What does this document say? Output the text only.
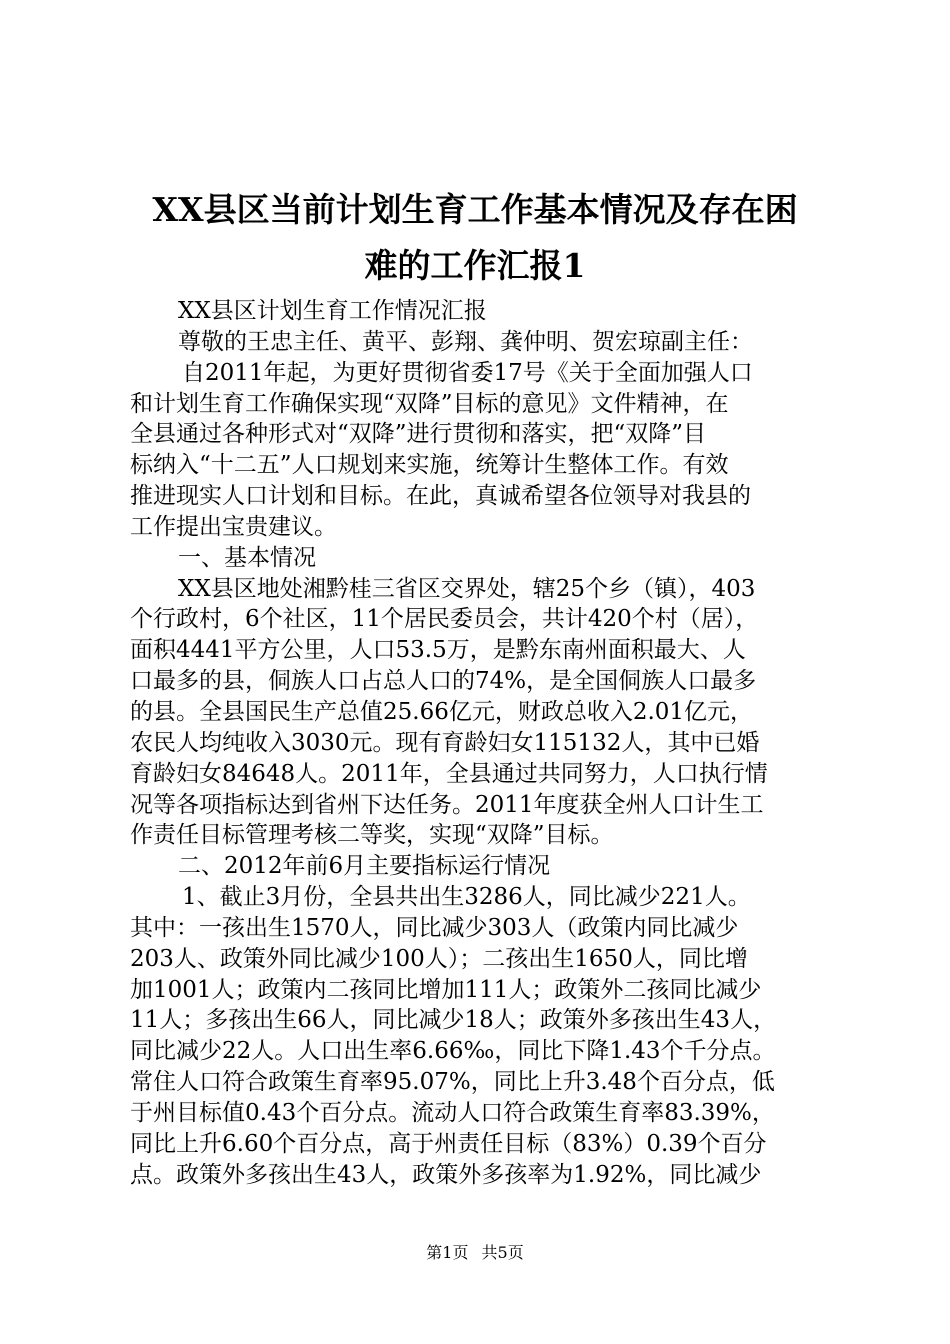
XX县区当前计划生育工作基本情况及存在困
难的工作汇报1
XX县区计划生育工作情况汇报
尊敬的王忠主任、黄平、彭翔、龚仲明、贺宏琼副主任：
自2011年起，为更好贯彻省委17号《关于全面加强人口
和计划生育工作确保实现“双降”目标的意见》文件精神，在
全县通过各种形式对“双降”进行贯彻和落实，把“双降”目
标纳入“十二五”人口规划来实施，统筹计生整体工作。有效
推进现实人口计划和目标。在此，真诚希望各位领导对我县的
工作提出宝贵建议。
一、基本情况
XX县区地处湘黔桂三省区交界处，辖25个乡（镇），403
个行政村，6个社区，11个居民委员会，共计420个村（居），
面积4441平方公里，人口53.5万，是黔东南州面积最大、人
口最多的县，侗族人口占总人口的74%，是全国侗族人口最多
的县。全县国民生产总值25.66亿元，财政总收入2.01亿元，
农民人均纯收入3030元。现有育龄妇女115132人，其中已婚
育龄妇女84648人。2011年，全县通过共同努力，人口执行情
况等各项指标达到省州下达任务。2011年度获全州人口计生工
作责任目标管理考核二等奖，实现“双降”目标。
二、2012年前6月主要指标运行情况
1、截止3月份，全县共出生3286人，同比减少221人。
其中：一孩出生1570人，同比减少303人（政策内同比减少
203人、政策外同比减少100人）；二孩出生1650人，同比增
加1001人；政策内二孩同比增加111人；政策外二孩同比减少
11人；多孩出生66人，同比减少18人；政策外多孩出生43人，
同比减少22人。人口出生率6.66‰，同比下降1.43个千分点。
常住人口符合政策生育率95.07%，同比上升3.48个百分点，低
于州目标值0.43个百分点。流动人口符合政策生育率83.39%，
同比上升6.60个百分点，高于州责任目标（83%）0.39个百分
点。政策外多孩出生43人，政策外多孩率为1.92%，同比减少
第1页 共5页
